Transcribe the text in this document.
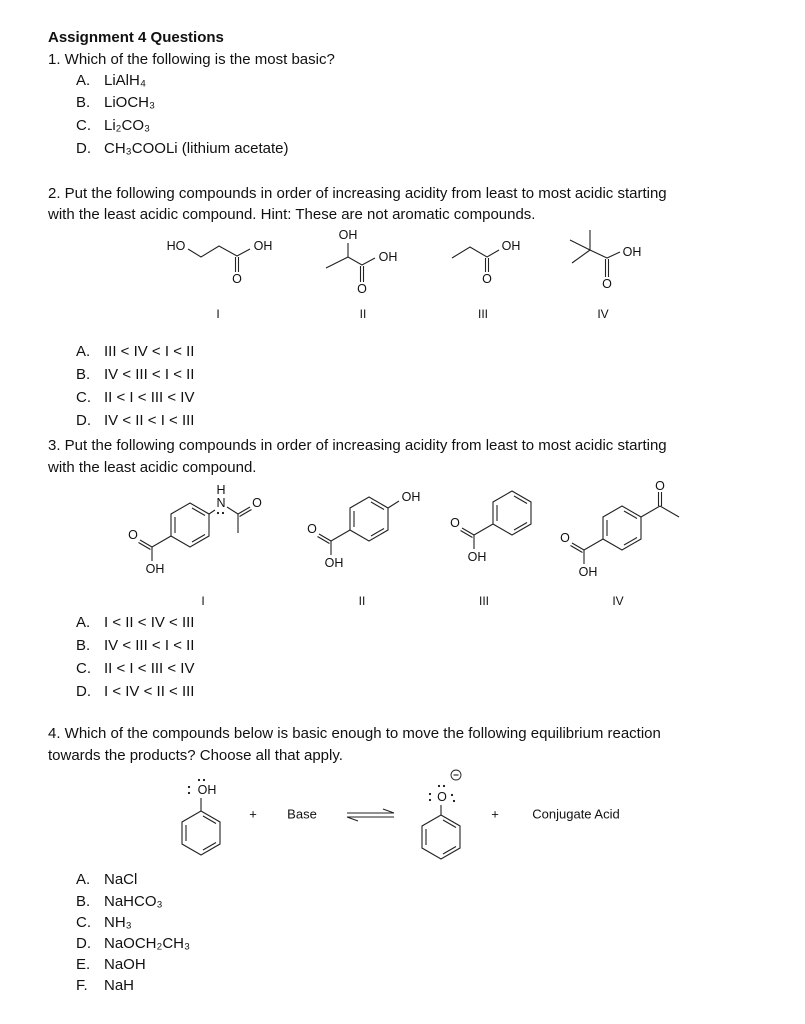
Assignment 4 Questions
1. Which of the following is the most basic?
A. LiAlH₄
B. LiOCH₃
C. Li₂CO₃
D. CH₃COOLi (lithium acetate)
2. Put the following compounds in order of increasing acidity from least to most acidic starting
with the least acidic compound. Hint: These are not aromatic compounds.
A. III < IV < I < II
B. IV < III < I < II
C. II < I < III < IV
D. IV < II < I < III
3. Put the following compounds in order of increasing acidity from least to most acidic starting
with the least acidic compound.
A. I < II < IV < III
B. IV < III < I < II
C. II < I < III < IV
D. I < IV < II < III
4. Which of the compounds below is basic enough to move the following equilibrium reaction
towards the products? Choose all that apply.
A. NaCl
B. NaHCO₃
C. NH₃
D. NaOCH₂CH₃
E. NaOH
F. NaH
HO	OH
O
I
OH
OH
O
II
OH
O
III
OH
O
IV
O
OH
N
H
O
I
O
OH
OH
II
O
OH
III
O
OH
O
IV
OH
+ Base
O
+	Conjugate Acid
